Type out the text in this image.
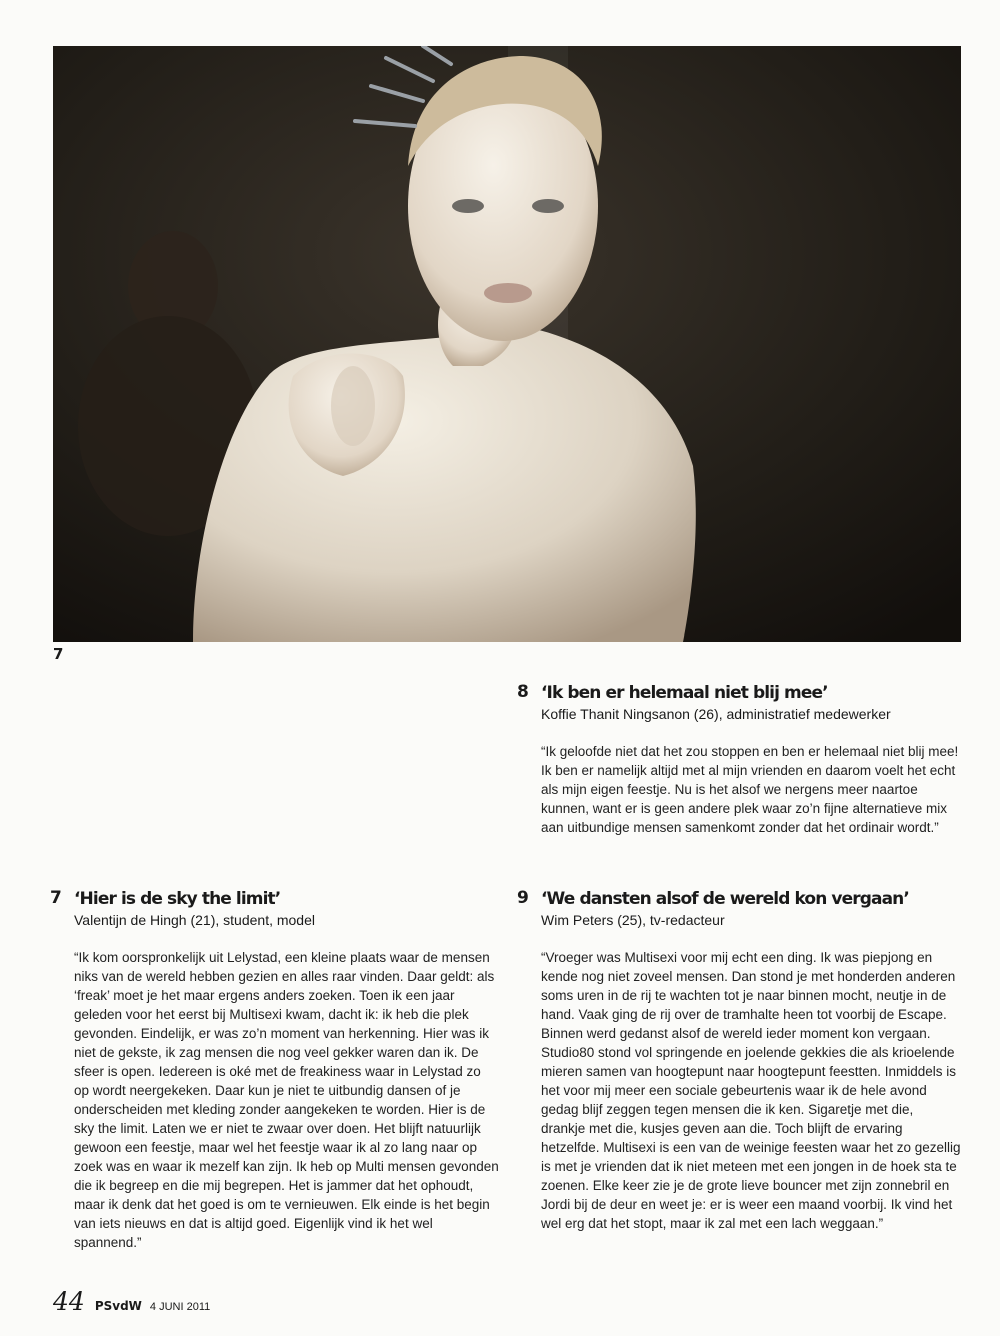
7
8 ‘Ik ben er helemaal niet blij mee’
Koffie Thanit Ningsanon (26), administratief medewerker
“Ik geloofde niet dat het zou stoppen en ben er helemaal niet blij mee! Ik ben er namelijk altijd met al mijn vrienden en daarom voelt het echt als mijn eigen feestje. Nu is het alsof we nergens meer naartoe kunnen, want er is geen andere plek waar zo’n fijne alternatieve mix aan uitbundige mensen samenkomt zonder dat het ordinair wordt.”
7 ‘Hier is de sky the limit’
Valentijn de Hingh (21), student, model
“Ik kom oorspronkelijk uit Lelystad, een kleine plaats waar de mensen niks van de wereld hebben gezien en alles raar vinden. Daar geldt: als ‘freak’ moet je het maar ergens anders zoeken. Toen ik een jaar geleden voor het eerst bij Multisexi kwam, dacht ik: ik heb die plek gevonden. Eindelijk, er was zo’n moment van herkenning. Hier was ik niet de gekste, ik zag mensen die nog veel gekker waren dan ik. De sfeer is open. Iedereen is oké met de freakiness waar in Lelystad zo op wordt neergekeken. Daar kun je niet te uitbundig dansen of je onderscheiden met kleding zonder aangekeken te worden. Hier is de sky the limit. Laten we er niet te zwaar over doen. Het blijft natuurlijk gewoon een feestje, maar wel het feestje waar ik al zo lang naar op zoek was en waar ik mezelf kan zijn. Ik heb op Multi mensen gevonden die ik begreep en die mij begrepen. Het is jammer dat het ophoudt, maar ik denk dat het goed is om te vernieuwen. Elk einde is het begin van iets nieuws en dat is altijd goed. Eigenlijk vind ik het wel spannend.”
9 ‘We dansten alsof de wereld kon vergaan’
Wim Peters (25), tv-redacteur
“Vroeger was Multisexi voor mij echt een ding. Ik was piepjong en kende nog niet zoveel mensen. Dan stond je met honderden anderen soms uren in de rij te wachten tot je naar binnen mocht, neutje in de hand. Vaak ging de rij over de tramhalte heen tot voorbij de Escape. Binnen werd gedanst alsof de wereld ieder moment kon vergaan. Studio80 stond vol springende en joelende gekkies die als krioelende mieren samen van hoogtepunt naar hoogtepunt feestten. Inmiddels is het voor mij meer een sociale gebeurtenis waar ik de hele avond gedag blijf zeggen tegen mensen die ik ken. Sigaretje met die, drankje met die, kusjes geven aan die. Toch blijft de ervaring hetzelfde. Multisexi is een van de weinige feesten waar het zo gezellig is met je vrienden dat ik niet meteen met een jongen in de hoek sta te zoenen. Elke keer zie je de grote lieve bouncer met zijn zonnebril en Jordi bij de deur en weet je: er is weer een maand voorbij. Ik vind het wel erg dat het stopt, maar ik zal met een lach weggaan.”
44 PSvdW 4 JUNI 2011
